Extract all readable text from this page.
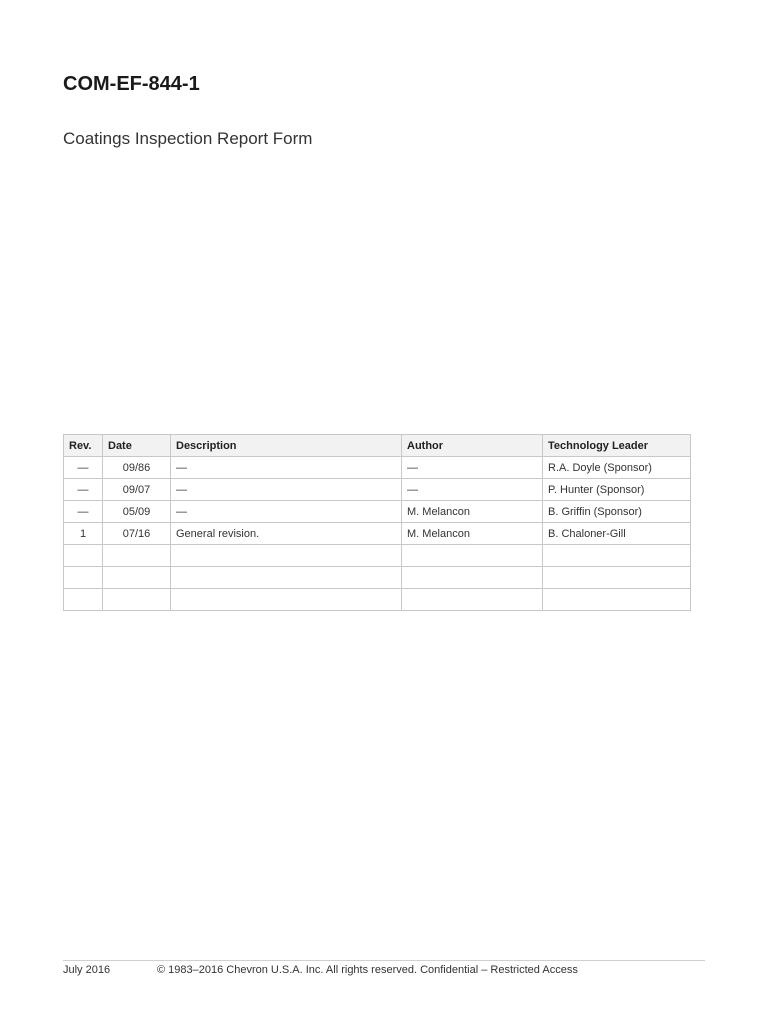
COM-EF-844-1
Coatings Inspection Report Form
Rev.	Date	Description	Author	Technology Leader
—	09/86	—	—	R.A. Doyle (Sponsor)
—	09/07	—	—	P. Hunter (Sponsor)
—	05/09	—	M. Melancon	B. Griffin (Sponsor)
1	07/16	General revision.	M. Melancon	B. Chaloner-Gill

July 2016	© 1983–2016 Chevron U.S.A. Inc. All rights reserved. Confidential – Restricted Access
